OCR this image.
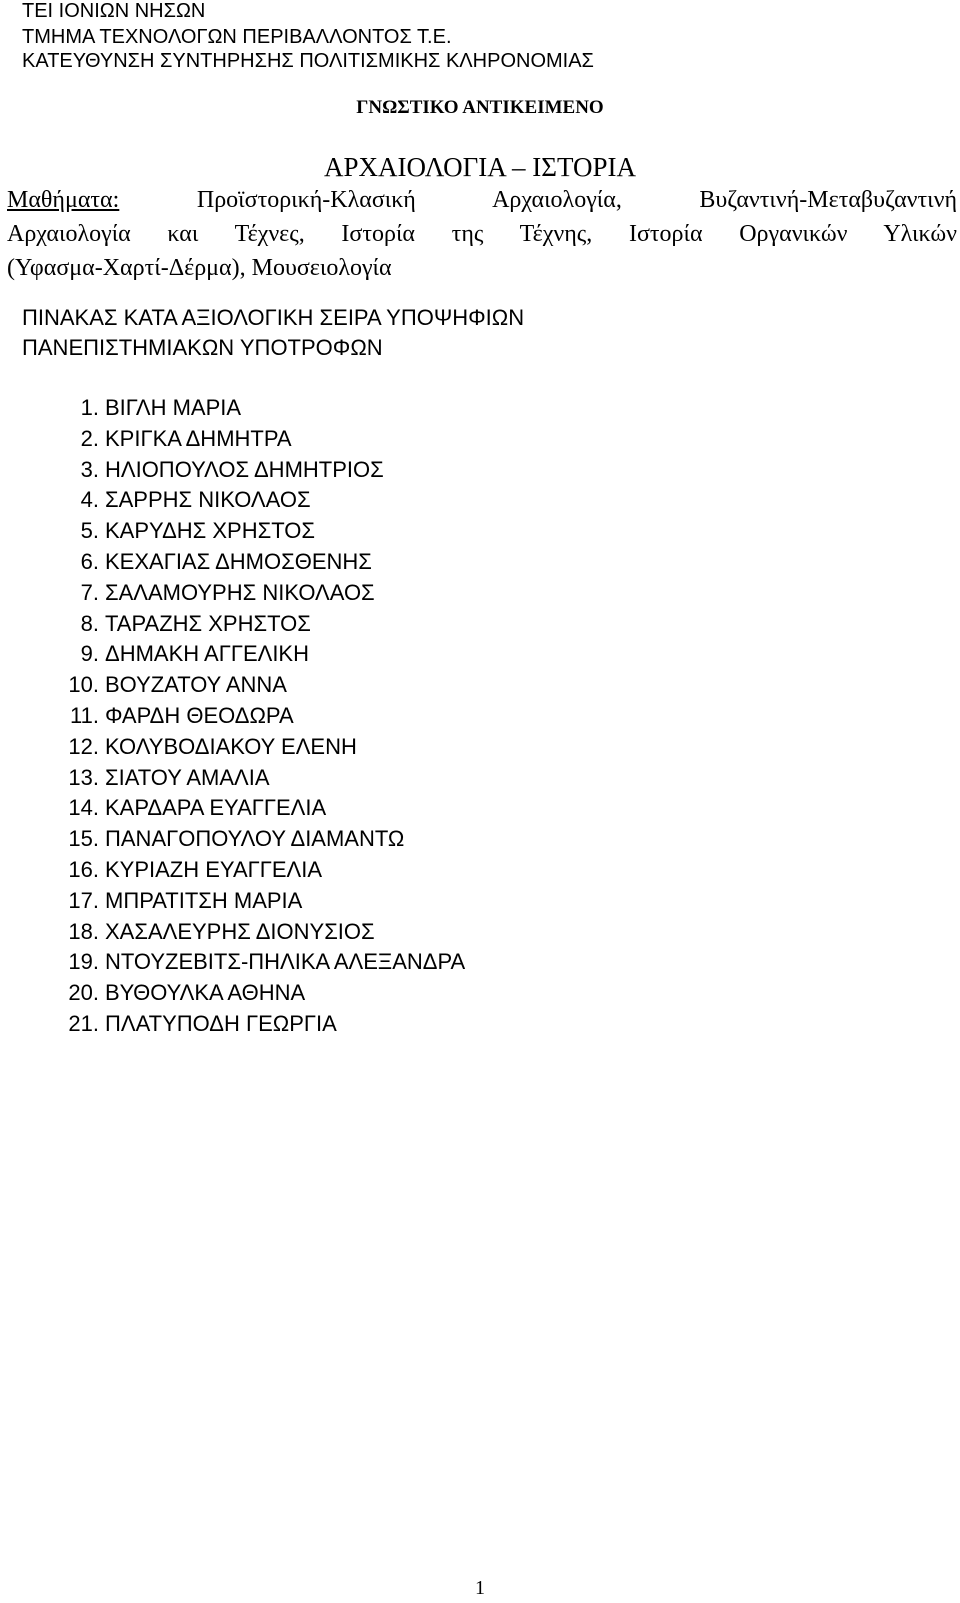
ΤΕΙ ΙΟΝΙΩΝ ΝΗΣΩΝ
ΤΜΗΜΑ ΤΕΧΝΟΛΟΓΩΝ ΠΕΡΙΒΑΛΛΟΝΤΟΣ Τ.Ε.
ΚΑΤΕΥΘΥΝΣΗ ΣΥΝΤΗΡΗΣΗΣ ΠΟΛΙΤΙΣΜΙΚΗΣ ΚΛΗΡΟΝΟΜΙΑΣ
ΓΝΩΣΤΙΚΟ ΑΝΤΙΚΕΙΜΕΝΟ
ΑΡΧΑΙΟΛΟΓΙΑ – ΙΣΤΟΡΙΑ
Μαθήματα:	Προϊστορική-Κλασική Αρχαιολογία, Βυζαντινή-Μεταβυζαντινή
Αρχαιολογία και Τέχνες, Ιστορία της Τέχνης, Ιστορία Οργανικών Υλικών
(Υφασμα-Χαρτί-Δέρμα), Μουσειολογία
ΠΙΝΑΚΑΣ ΚΑΤΑ ΑΞΙΟΛΟΓΙΚΗ ΣΕΙΡΑ ΥΠΟΨΗΦΙΩΝ
ΠΑΝΕΠΙΣΤΗΜΙΑΚΩΝ ΥΠΟΤΡΟΦΩΝ
1. ΒΙΓΛΗ ΜΑΡΙΑ
2. ΚΡΙΓΚΑ ΔΗΜΗΤΡΑ
3. ΗΛΙΟΠΟΥΛΟΣ ΔΗΜΗΤΡΙΟΣ
4. ΣΑΡΡΗΣ ΝΙΚΟΛΑΟΣ
5. ΚΑΡΥΔΗΣ ΧΡΗΣΤΟΣ
6. ΚΕΧΑΓΙΑΣ ΔΗΜΟΣΘΕΝΗΣ
7. ΣΑΛΑΜΟΥΡΗΣ ΝΙΚΟΛΑΟΣ
8. ΤΑΡΑΖΗΣ ΧΡΗΣΤΟΣ
9. ΔΗΜΑΚΗ ΑΓΓΕΛΙΚΗ
10. ΒΟΥΖΑΤΟΥ ΑΝΝΑ
11. ΦΑΡΔΗ ΘΕΟΔΩΡΑ
12. ΚΟΛΥΒΟΔΙΑΚΟΥ ΕΛΕΝΗ
13. ΣΙΑΤΟΥ ΑΜΑΛΙΑ
14. ΚΑΡΔΑΡΑ ΕΥΑΓΓΕΛΙΑ
15. ΠΑΝΑΓΟΠΟΥΛΟΥ ΔΙΑΜΑΝΤΩ
16. ΚΥΡΙΑΖΗ ΕΥΑΓΓΕΛΙΑ
17. ΜΠΡΑΤΙΤΣΗ ΜΑΡΙΑ
18. ΧΑΣΑΛΕΥΡΗΣ ΔΙΟΝΥΣΙΟΣ
19. ΝΤΟΥΖΕΒΙΤΣ-ΠΗΛΙΚΑ ΑΛΕΞΑΝΔΡΑ
20. ΒΥΘΟΥΛΚΑ ΑΘΗΝΑ
21. ΠΛΑΤΥΠΟΔΗ ΓΕΩΡΓΙΑ
1
